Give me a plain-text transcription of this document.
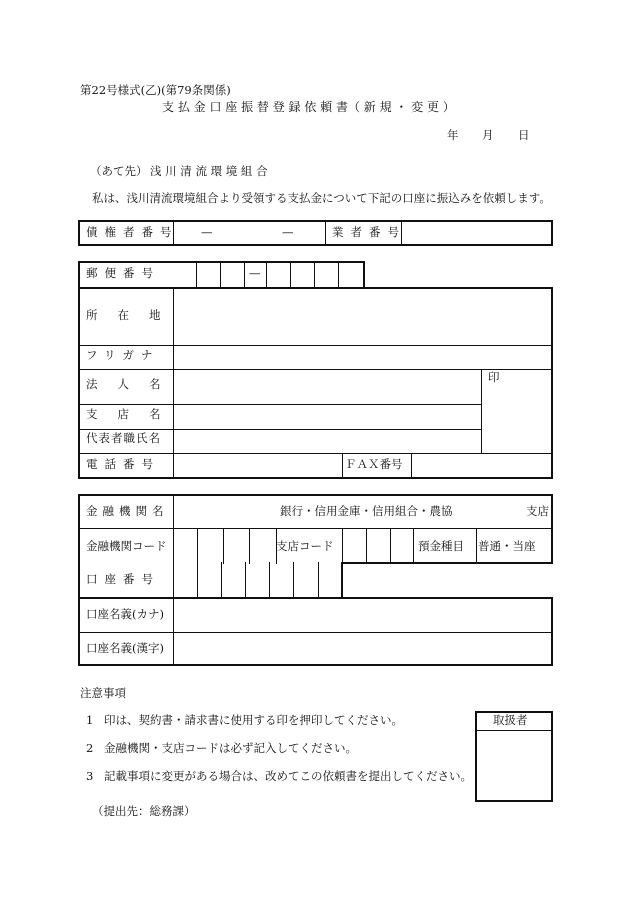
第22号様式(乙)(第79条関係)
支 払 金 口 座 振 替 登 録 依 頼 書（ 新 規 ・ 変 更 ）
年 月 日
（あて先） 浅 川 清 流 環 境 組 合
私は、浅川清流環境組合より受領する支払金について下記の口座に振込みを依頼します。
債権者番号 —	—	業者番号
郵便番号	—
所在地
フリガナ
法人名	印
支店名
代表者職氏名
電話番号	ＦＡＸ番号
金融機関名	銀行・信用金庫・信用組合・農協	支店
金融機関コード	支店コード	預金種目 普通・当座
口座番号
口座名義(カナ)
口座名義(漢字)
注意事項
1 印は、契約書・請求書に使用する印を押印してください。
2 金融機関・支店コードは必ず記入してください。
3 記載事項に変更がある場合は、改めてこの依頼書を提出してください。
（提出先：総務課）
取扱者
